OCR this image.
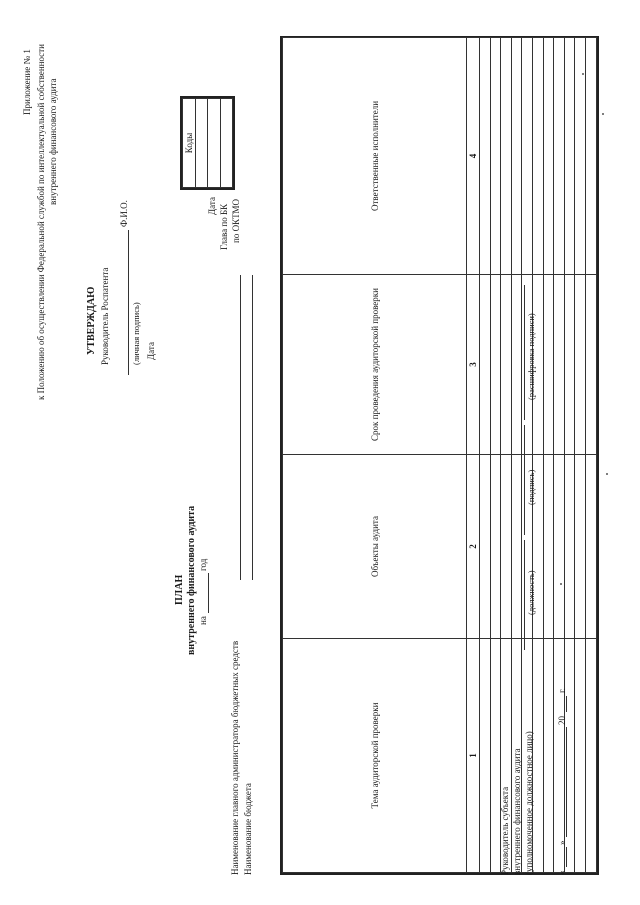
Приложение № 1 к Положению об осуществлении Федеральной службой по интеллектуальной собственности внутреннего финансового аудита
УТВЕРЖДАЮ Руководитель Роспатента
Ф.И.О.
(личная подпись) Дата
Дата Глава по БК по ОКТМО
Коды

ПЛАН внутреннего финансового аудита на
год
Наименование главного администратора бюджетных средств Наименование бюджета
Тема аудиторской проверки	Объекты аудита	Срок проведения аудиторской проверки	Ответственные исполнители
1	2	3	4

Руководитель субъекта внутреннего финансового аудита (уполномоченное должностное лицо)
(должность)
(подпись)
(расшифровка подписи)
«
»
20
г.
